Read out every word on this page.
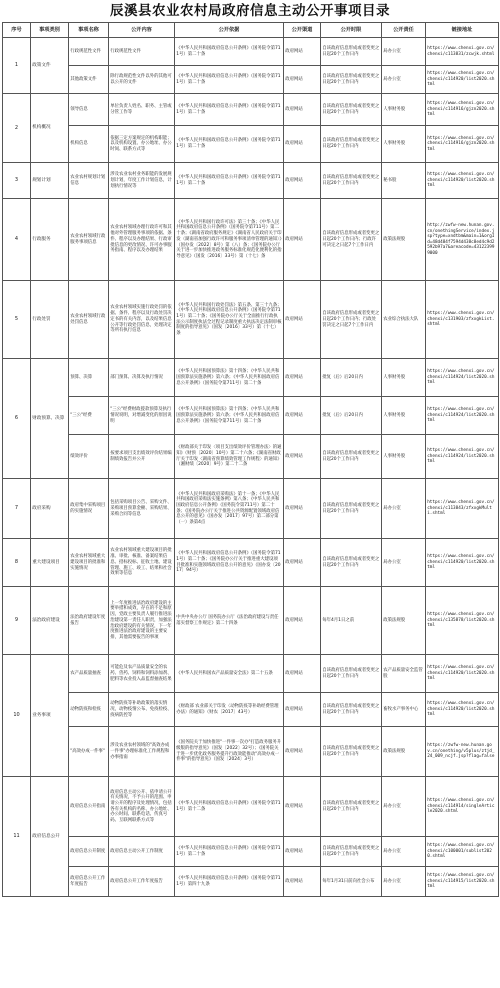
辰溪县农业农村局政府信息主动公开事项目录
序号	事项类别	事项名称	公开内容	公开依据	公开渠道	公开时限	公开责任	链接地址
1	政策文件	行政规范性文件	行政规范性文件	《中华人民共和国政府信息公开条例》（国务院令第711号）第二十条	政府网站	自该政府信息形成或者变更之日起20个工作日内	局办公室	https://www.chenxi.gov.cn/chenxi/c113831/zcwjk.shtml
		其他政策文件	除行政规范性文件以外的其他可以公开的文件	《中华人民共和国政府信息公开条例》（国务院令第711号）第二十条	政府网站	自该政府信息形成或者变更之日起20个工作日内	局办公室	https://www.chenxi.gov.cn/chenxi/c114920/list2020.shtml
2	机构概况	领导信息	单位负责人姓名、职务、主管或分管工作等	《中华人民共和国政府信息公开条例》（国务院令第711号）第二十条	政府网站	自该政府信息形成或者变更之日起20个工作日内	人事财务股	https://www.chenxi.gov.cn/chenxi/c114916/gjzn2020.shtml
		机构信息	依据三定方案规定的机构职能；以及机构设置、办公地址、办公时间、联系方式等	《中华人民共和国政府信息公开条例》（国务院令第711号）第二十条	政府网站	自该政府信息形成或者变更之日起20个工作日内	人事财务股	https://www.chenxi.gov.cn/chenxi/c114916/gjzn2020.shtml
3	规划计划	农业农村规划计划信息	涉及农业农村业务职能的发展规划计划，年度工作计划信息，计划执行情况等	《中华人民共和国政府信息公开条例》（国务院令第711号）第二十条	政府网站	自该政府信息形成或者变更之日起20个工作日内	秘书股	https://www.chenxi.gov.cn/chenxi/c114920/list2020.shtml
4	行政服务	农业农村领域行政服务事项信息	农业农村领域办理行政许可和其他对外管理服务事项的依据、条件、程序以及办理结果、行政审批信息的更改情况、许可办事服务指南、程序以及办理结果	《中华人民共和国行政许可法》第三十条；《中华人民共和国政府信息公开条例》（国务院令第711号）第二十条；《湖南省政府服务规定》《湖南省人民政府关于印发〈湖南省加强行政许可和服务事项清单管理的通知〉》（国办发〔2022〕8号）第（八）条；《国务院办公厅关于进一步加快推进政务服务标准化规范化便利化的指导意见》（国发〔2016〕33号）第（十七）条	政府网站	自该政府信息形成或者变更之日起20个工作日内；行政许可决定之日起7个工作日内	政策法规股	http://zwfw-new.hunan.gov.cn/onethingService/index.jsp?type=xndtbm&main=1&orgId=48d484f7594d438c8ed4c9d2592b97a7&areacode=431223999000
5	行政处罚	农业农村领域行政处罚信息	农业农村领域实施行政处罚的依据、条件、程序以及行政处罚决定书的有关内容，以及结果信息公开等行政处罚信息，处理决定等所有执行信息	《中华人民共和国行政处罚法》第五条、第三十九条；《中华人民共和国政府信息公开条例》（国务院令第711号）第二十条；《国务院办公厅关于全面推行行政执法公示制度执法全过程记录制度重大执法决定法制审核制度的指导意见》（国发〔2016〕33号）第（十七）条	政府网站	自该政府信息形成或者变更之日起20个工作日内；行政处罚决定之日起7个工作日内	农业综合执法大队	https://www.chenxi.gov.cn/chenxi/c131903/zfxxgkList.shtml
6	财政预算、决算	预算、决算	部门预算、决算及执行情况	《中华人民共和国预算法》第十四条；《中华人民共和国预算法实施条例》第六条；《中华人民共和国政府信息公开条例》（国务院令第711号）第二十条	政府网站	批复（后）后20日内	人事财务股	https://www.chenxi.gov.cn/chenxi/c114924/list2020.shtml
		"三公"经费	"三公"经费财政拨款预算及执行情况说明，对增减变化的原因说明	《中华人民共和国预算法》第十四条；《中华人民共和国预算法实施条例》第六条；《中华人民共和国政府信息公开条例》（国务院令第711号）第二十条	政府网站	批复（后）后20日内	人事财务股	https://www.chenxi.gov.cn/chenxi/c114924/list2020.shtml
		绩效评价	按要求项目支出绩效评价结果编制绩效报告并公开	《财政部关于印发〈项目支出绩效评价管理办法〉的通知》（财预〔2020〕10号）第二十六条；《湖南省财政厅关于印发〈湖南省预算绩效管理工作规程〉的通知》（湘财绩〔2020〕9号）第二十二条	政府网站	自该政府信息形成或者变更之日起20个工作日内	人事财务股	https://www.chenxi.gov.cn/chenxi/c114924/list2020.shtml
7	政府采购	政府集中采购项目的实施情况	包括采购项目公告、采购文件、采购项目预算金额、采购结果、采购合同等信息	《中华人民共和国政府采购法》第十一条；《中华人民共和国政府采购法实施条例》第八条；《中华人民共和国政府信息公开条例》（国务院令第711号）第二十条；《国务院办公厅关于推进公共资源配置领域政府信息公开的意见》（国办发〔2017〕97号）第二部分第（一）条第4点	政府网站	自该政府信息形成或者变更之日起20个工作日内	局办公室	https://www.chenxi.gov.cn/chenxi/c113843/zfxxgkMulti.shtml
8	重大建设项目	农业农村领域重大建设项目的批准和实施情况	农业农村领域重大建设项目的批准、审批、核准、备案结果信息、招标投标、征收土地、建设管理、施工、竣工、结果和社会效果等信息	《中华人民共和国政府信息公开条例》（国务院令第711号）第二十条；《国务院办公厅关于推进重大建设项目批准和实施领域政府信息公开的意见》（国办发〔2017〕94号）	政府网站	自该政府信息形成或者变更之日起20个工作日内	局办公室	https://www.chenxi.gov.cn/chenxi/c114920/list2020.shtml
9	法治政府建设	法治政府建设年度报告	上一年度推进法治政府建设的主要举措和成效，存在的不足和原因，党政主要负责人履行推进法治建设第一责任人职责，加强法治政府建设的有关情况，下一年度推进法治政府建设的主要安排，其他需要报告的事项	中共中央办公厅 国务院办公厅《法治政府建设与责任落实督察工作规定》第二十四条	政府网站	每年4月1日之前	政策法规股	https://www.chenxi.gov.cn/chenxi/c135878/list2020.shtml
10	业务事项	农产品质量抽查	可能危及农产品质量安全的农药、兽药、饲料和饲料添加剂、肥料等农业投入品监督抽查结果	《中华人民共和国农产品质量安全法》第二十五条	政府网站	自该政府信息形成或者变更之日起20个工作日内	农产品质量安全监管股	https://www.chenxi.gov.cn/chenxi/c114920/list2020.shtml
		动物防疫和检疫	动物防疫等补助政策的落实情况，动物疫情公布、免疫检疫、疫病防控等	《财政部 农业部关于印发〈动物防疫等补助经费管理办法〉的通知》（财农〔2017〕43号）	政府网站	自该政府信息形成或者变更之日起20个工作日内	畜牧水产事务中心	https://www.chenxi.gov.cn/chenxi/c114920/list2020.shtml
		"高效办成一件事"	涉及农业农村领域的"高效办成一件事"办理标准化工作规程和办事指南	《国务院关于加快推进"一件事一次办"打造政务服务升级版的指导意见》（国发〔2022〕32号）；《国务院关于进一步优化政务服务提升行政效能推动"高效办成一件事"的指导意见》（国发〔2024〕3号）	政府网站	自该政府信息形成或者变更之日起20个工作日内	政策法规股	https://zwfw-new.hunan.gov.cn/onething/v5plus/ztjd_24_009_ncjf.jsp?flag=false
11	政府信息公开	政府信息公开指南	政府信息主动公开、依申请公开有关情况，不予公开的范围、申请公开的程序及处理情况，包括各有关机构的名称、办公地址、办公时间、联系电话、传真号码、互联网联系方式等	《中华人民共和国政府信息公开条例》（国务院令第711号）第十二条	政府网站	自该政府信息形成或者变更之日起20个工作日内	局办公室	https://www.chenxi.gov.cn/chenxi/c114914/singleArticle2020.shtml
		政府信息公开制度	政府信息主动公开工作制度	《中华人民共和国政府信息公开条例》（国务院令第711号）第二十条	政府网站	自该政府信息形成或者变更之日起20个工作日内	局办公室	https://www.chenxi.gov.cn/chenxi/c100001/sublist2020.shtml
		政府信息公开工作年度报告	政府信息公开工作年度报告	《中华人民共和国政府信息公开条例》（国务院令第711号）第四十九条	政府网站	每年1月31日前向社会公布	局办公室	https://www.chenxi.gov.cn/chenxi/c114915/list2020.shtml
